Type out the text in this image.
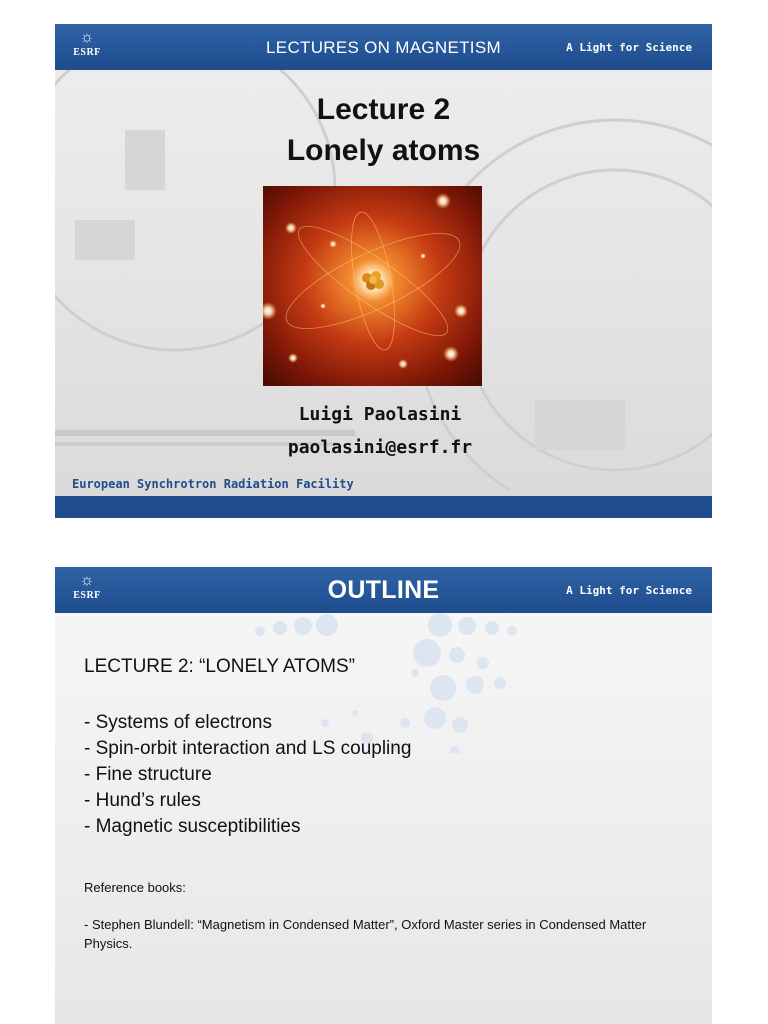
☼
ESRF	LECTURES ON MAGNETISM	A Light for Science
Lecture 2
Lonely atoms
Luigi Paolasini
paolasini@esrf.fr
European Synchrotron Radiation Facility
☼
ESRF	OUTLINE	A Light for Science
LECTURE 2: “LONELY ATOMS”
- Systems of electrons
- Spin-orbit interaction and LS coupling
- Fine structure
- Hund’s rules
- Magnetic susceptibilities
Reference books:
- Stephen Blundell: “Magnetism in Condensed Matter”, Oxford Master series in Condensed Matter Physics.
